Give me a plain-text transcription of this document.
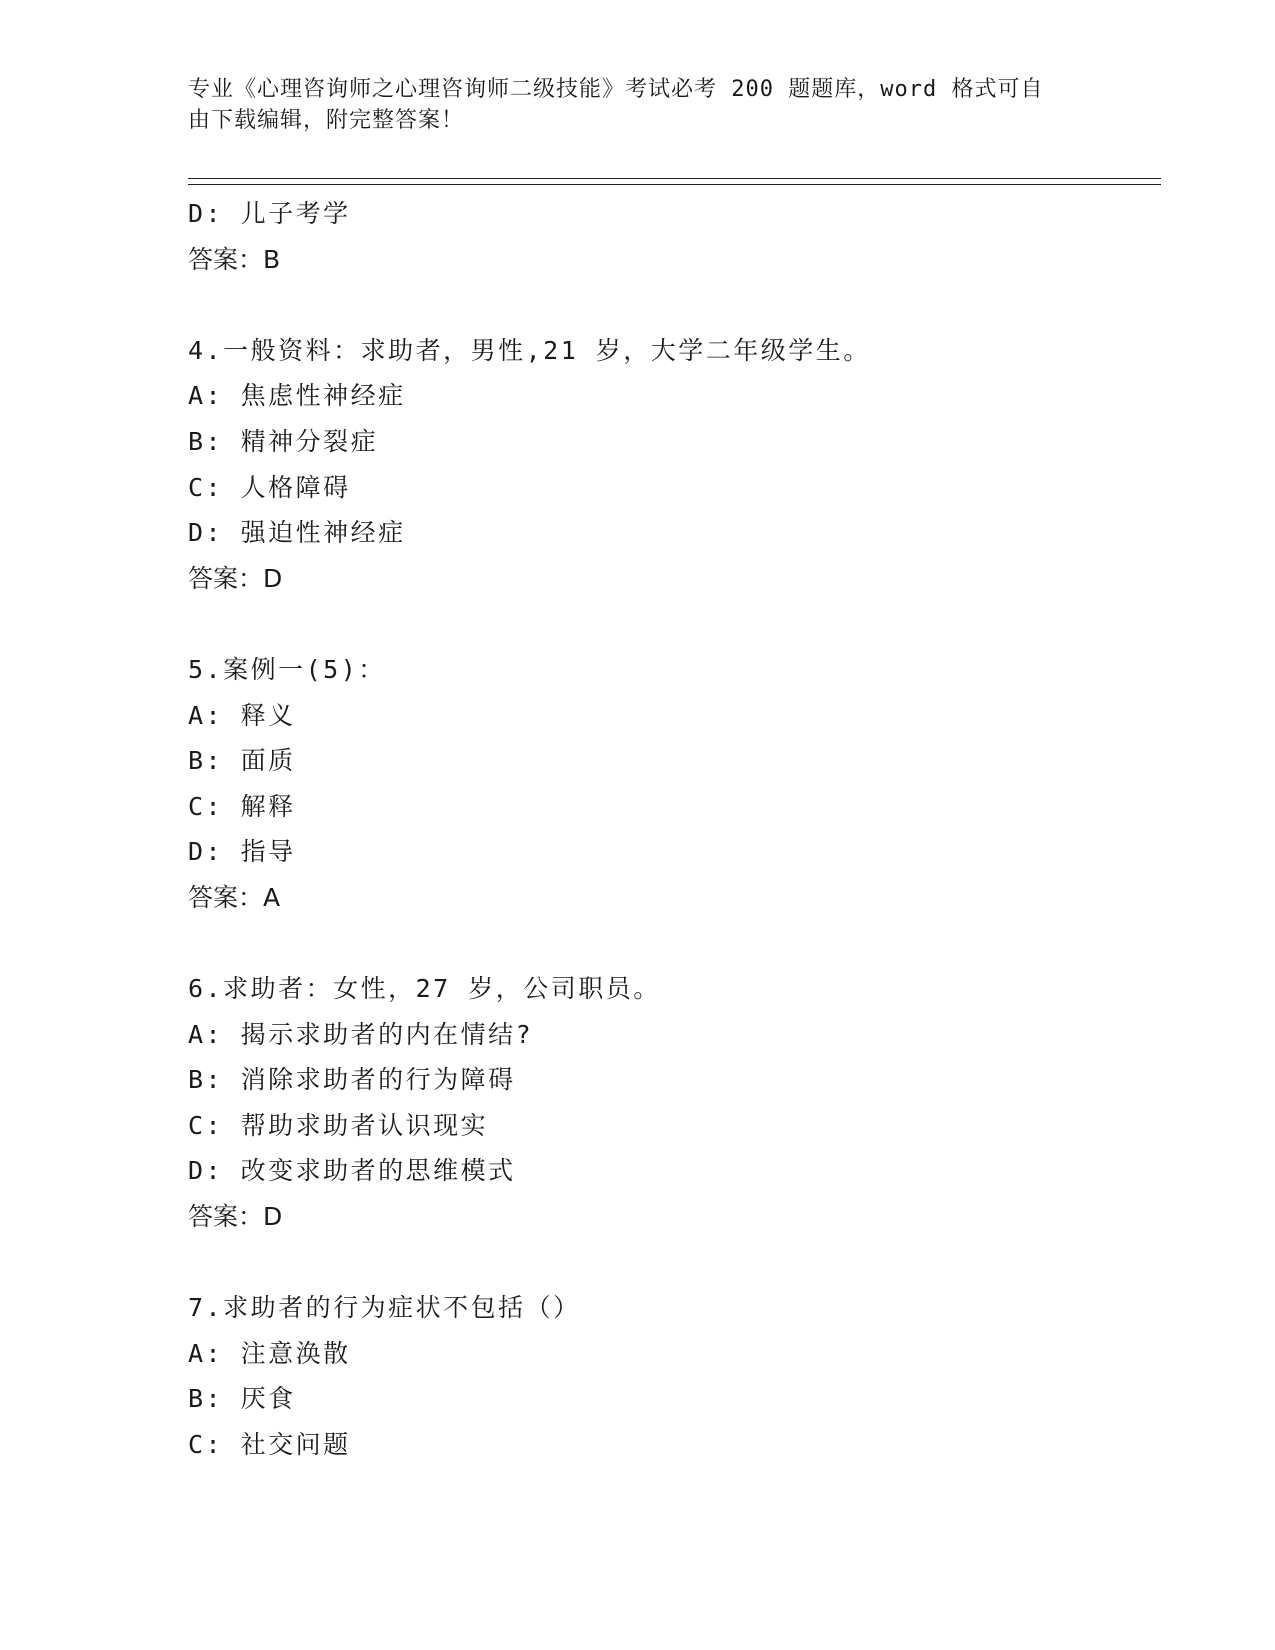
专业《心理咨询师之心理咨询师二级技能》考试必考 200 题题库，word 格式可自
由下载编辑，附完整答案！
D: 儿子考学
答案：B
4.一般资料：求助者，男性,21 岁，大学二年级学生。
A: 焦虑性神经症
B: 精神分裂症
C: 人格障碍
D: 强迫性神经症
答案：D
5.案例一(5)：
A: 释义
B: 面质
C: 解释
D: 指导
答案：A
6.求助者：女性，27 岁，公司职员。
A: 揭示求助者的内在情结?
B: 消除求助者的行为障碍
C: 帮助求助者认识现实
D: 改变求助者的思维模式
答案：D
7.求助者的行为症状不包括（）
A: 注意涣散
B: 厌食
C: 社交问题
